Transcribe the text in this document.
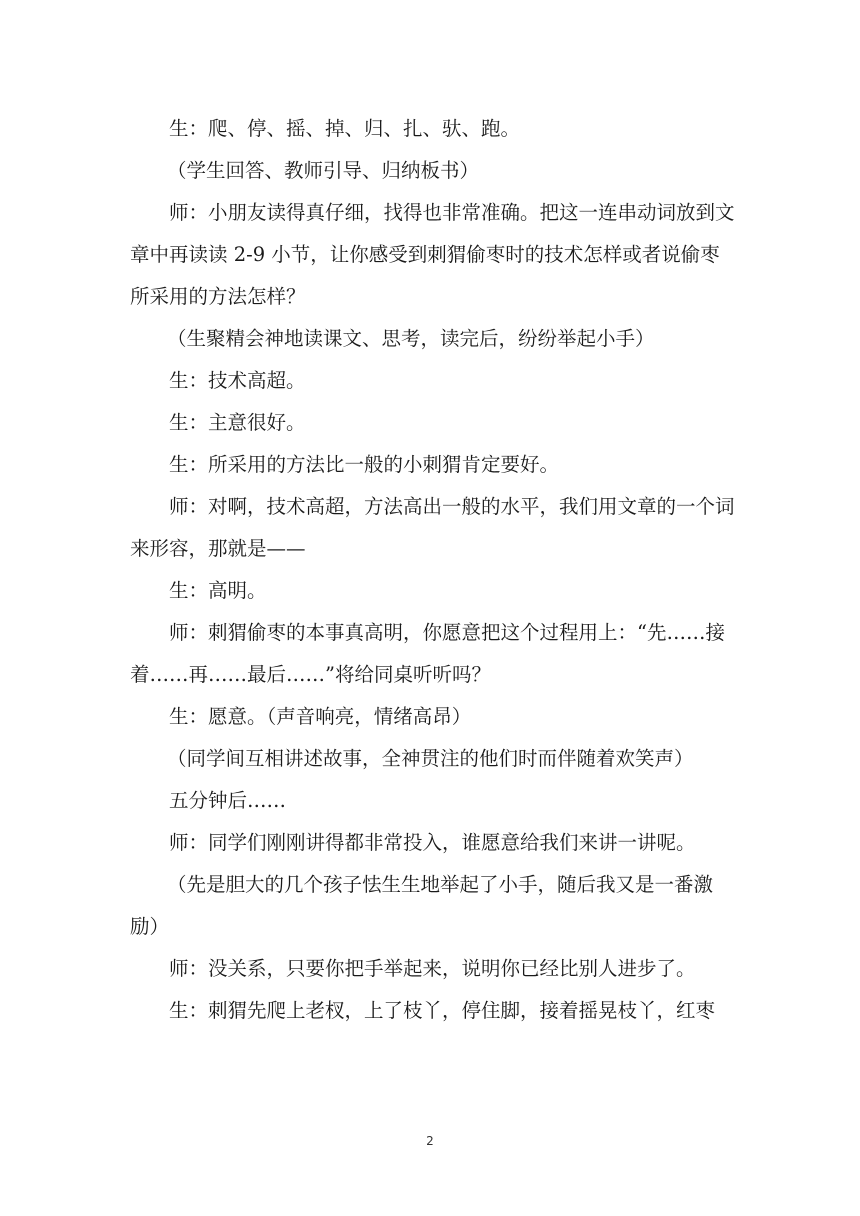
生：爬、停、摇、掉、归、扎、驮、跑。

（学生回答、教师引导、归纳板书）

师：小朋友读得真仔细，找得也非常准确。把这一连串动词放到文章中再读读 2-9 小节，让你感受到刺猬偷枣时的技术怎样或者说偷枣所采用的方法怎样？

（生聚精会神地读课文、思考，读完后，纷纷举起小手）

生：技术高超。

生：主意很好。

生：所采用的方法比一般的小刺猬肯定要好。

师：对啊，技术高超，方法高出一般的水平，我们用文章的一个词来形容，那就是——

生：高明。

师：刺猬偷枣的本事真高明，你愿意把这个过程用上：“先……接着……再……最后……”将给同桌听听吗？

生：愿意。（声音响亮，情绪高昂）

（同学间互相讲述故事，全神贯注的他们时而伴随着欢笑声）

五分钟后……

师：同学们刚刚讲得都非常投入，谁愿意给我们来讲一讲呢。

（先是胆大的几个孩子怯生生地举起了小手，随后我又是一番激励）

师：没关系，只要你把手举起来，说明你已经比别人进步了。

生：刺猬先爬上老杈，上了枝丫，停住脚，接着摇晃枝丫，红枣

2
